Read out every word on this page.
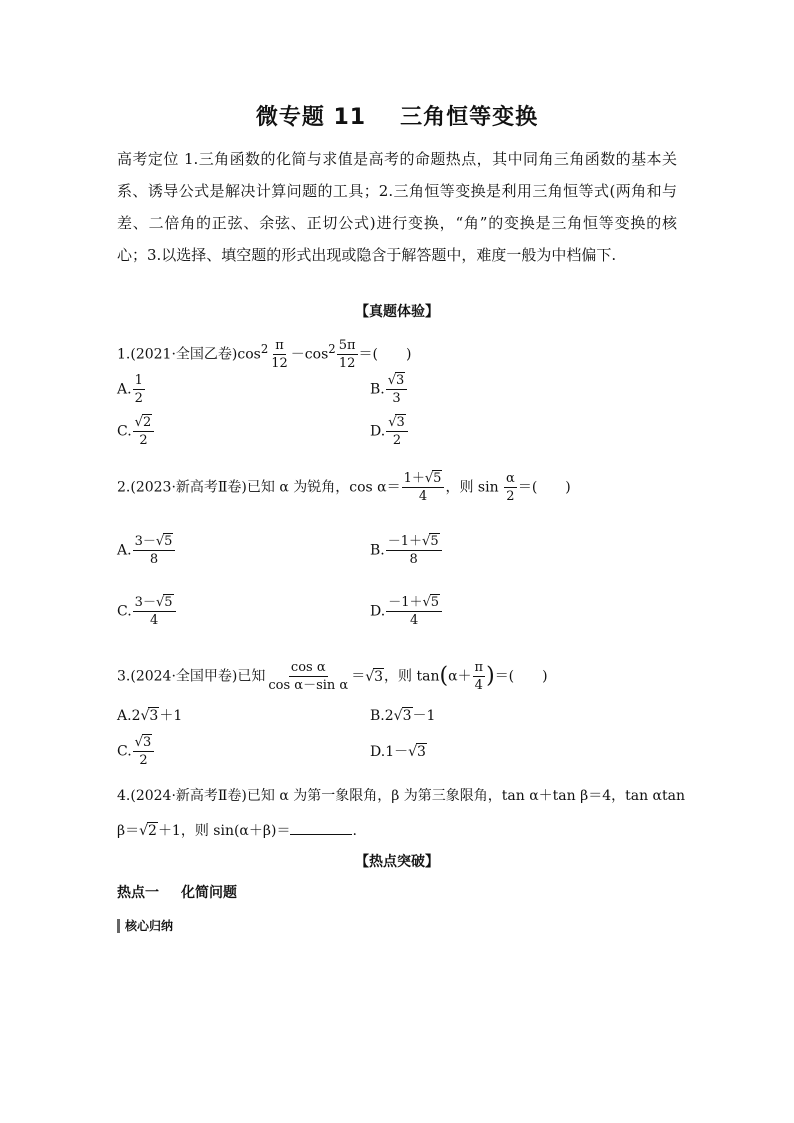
微专题 11 三角恒等变换
高考定位 1.三角函数的化简与求值是高考的命题热点，其中同角三角函数的基本关系、诱导公式是解决计算问题的工具；2.三角恒等变换是利用三角恒等式(两角和与差、二倍角的正弦、余弦、正切公式)进行变换，“角”的变换是三角恒等变换的核心；3.以选择、填空题的形式出现或隐含于解答题中，难度一般为中档偏下.
【真题体验】
1.(2021·全国乙卷)$\cos^2 \frac{\pi}{12} -\cos^2 \frac{5\pi}{12}$ ＝(　　)
A. $\frac{1}{2}$	B. $\frac{√3}{3}$
C. $\frac{√2}{2}$	D. $\frac{√3}{2}$
2.(2023·新高考Ⅱ卷)已知 α 为锐角，$\cos \alpha= \frac{1+√5}{4}$ ，则 $\sin \frac{\alpha}{2}$ ＝(　　)
A. $\frac{3-√5}{8}$	B. $\frac{-1+√5}{8}$
C. $\frac{3-√5}{4}$	D. $\frac{-1+√5}{4}$
3.(2024·全国甲卷)已知 $\frac{\text{cos α}}{\text{cos α－sin α}} =√3$，则 $\tan(\alpha+ \frac{\pi}{4}$ )＝(　　)
A.2√3＋1	B.2√3－1
C. $\frac{√3}{2}$	D.1－√3
4.(2024·新高考Ⅱ卷)已知 α 为第一象限角，β 为第三象限角，tan α＋tan β＝4，tan αtan
β＝√2＋1，则 sin(α＋β)＝	.
【热点突破】
热点一 化简问题
核心归纳
